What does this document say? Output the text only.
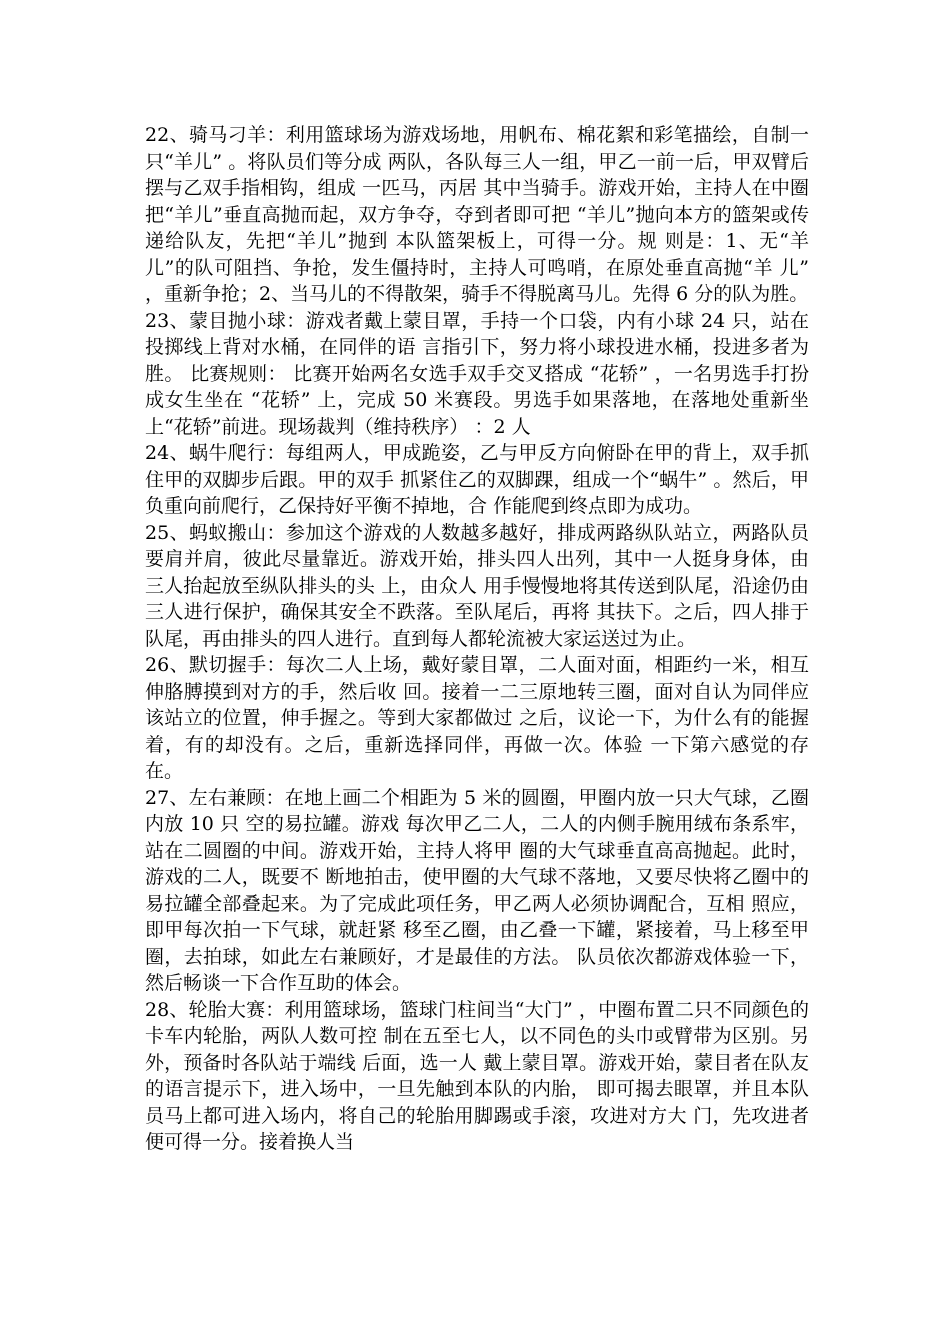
22、骑马刁羊：利用篮球场为游戏场地，用帆布、棉花絮和彩笔描绘，自制一只“羊儿” 。将队员们等分成 两队，各队每三人一组，甲乙一前一后，甲双臂后摆与乙双手指相钩，组成 一匹马，丙居 其中当骑手。游戏开始，主持人在中圈把“羊儿”垂直高抛而起，双方争夺，夺到者即可把 “羊儿”抛向本方的篮架或传递给队友，先把“羊儿”抛到 本队篮架板上，可得一分。规 则是：1、无“羊儿”的队可阻挡、争抢，发生僵持时，主持人可鸣哨，在原处垂直高抛“羊 儿” ，重新争抢；2、当马儿的不得散架，骑手不得脱离马儿。先得 6 分的队为胜。

23、蒙目抛小球：游戏者戴上蒙目罩，手持一个口袋，内有小球 24 只，站在投掷线上背对水桶，在同伴的语 言指引下，努力将小球投进水桶，投进多者为胜。 比赛规则： 比赛开始两名女选手双手交叉搭成 “花轿” ，一名男选手打扮成女生坐在 “花轿” 上，完成 50 米赛段。男选手如果落地，在落地处重新坐上“花轿”前进。现场裁判（维持秩序） ：2 人

24、蜗牛爬行：每组两人，甲成跪姿，乙与甲反方向俯卧在甲的背上，双手抓住甲的双脚步后跟。甲的双手 抓紧住乙的双脚踝，组成一个“蜗牛” 。然后，甲负重向前爬行，乙保持好平衡不掉地，合 作能爬到终点即为成功。

25、蚂蚁搬山：参加这个游戏的人数越多越好，排成两路纵队站立，两路队员要肩并肩，彼此尽量靠近。游戏开始，排头四人出列，其中一人挺身身体，由三人抬起放至纵队排头的头 上，由众人 用手慢慢地将其传送到队尾，沿途仍由三人进行保护，确保其安全不跌落。至队尾后，再将 其扶下。之后，四人排于队尾，再由排头的四人进行。直到每人都轮流被大家运送过为止。

26、默切握手：每次二人上场，戴好蒙目罩，二人面对面，相距约一米，相互伸胳膊摸到对方的手，然后收 回。接着一二三原地转三圈，面对自认为同伴应该站立的位置，伸手握之。等到大家都做过 之后，议论一下，为什么有的能握着，有的却没有。之后，重新选择同伴，再做一次。体验 一下第六感觉的存在。

27、左右兼顾：在地上画二个相距为 5 米的圆圈，甲圈内放一只大气球，乙圈内放 10 只 空的易拉罐。游戏 每次甲乙二人，二人的内侧手腕用绒布条系牢，站在二圆圈的中间。游戏开始，主持人将甲 圈的大气球垂直高高抛起。此时，游戏的二人，既要不 断地拍击，使甲圈的大气球不落地，又要尽快将乙圈中的易拉罐全部叠起来。为了完成此项任务，甲乙两人必须协调配合，互相 照应，即甲每次拍一下气球，就赶紧 移至乙圈，由乙叠一下罐，紧接着，马上移至甲圈，去拍球，如此左右兼顾好，才是最佳的方法。 队员依次都游戏体验一下，然后畅谈一下合作互助的体会。

28、轮胎大赛：利用篮球场，篮球门柱间当“大门” ，中圈布置二只不同颜色的卡车内轮胎，两队人数可控 制在五至七人，以不同色的头巾或臂带为区别。另外，预备时各队站于端线 后面，选一人 戴上蒙目罩。游戏开始，蒙目者在队友的语言提示下，进入场中，一旦先触到本队的内胎， 即可揭去眼罩，并且本队员马上都可进入场内，将自己的轮胎用脚踢或手滚，攻进对方大 门，先攻进者便可得一分。接着换人当
